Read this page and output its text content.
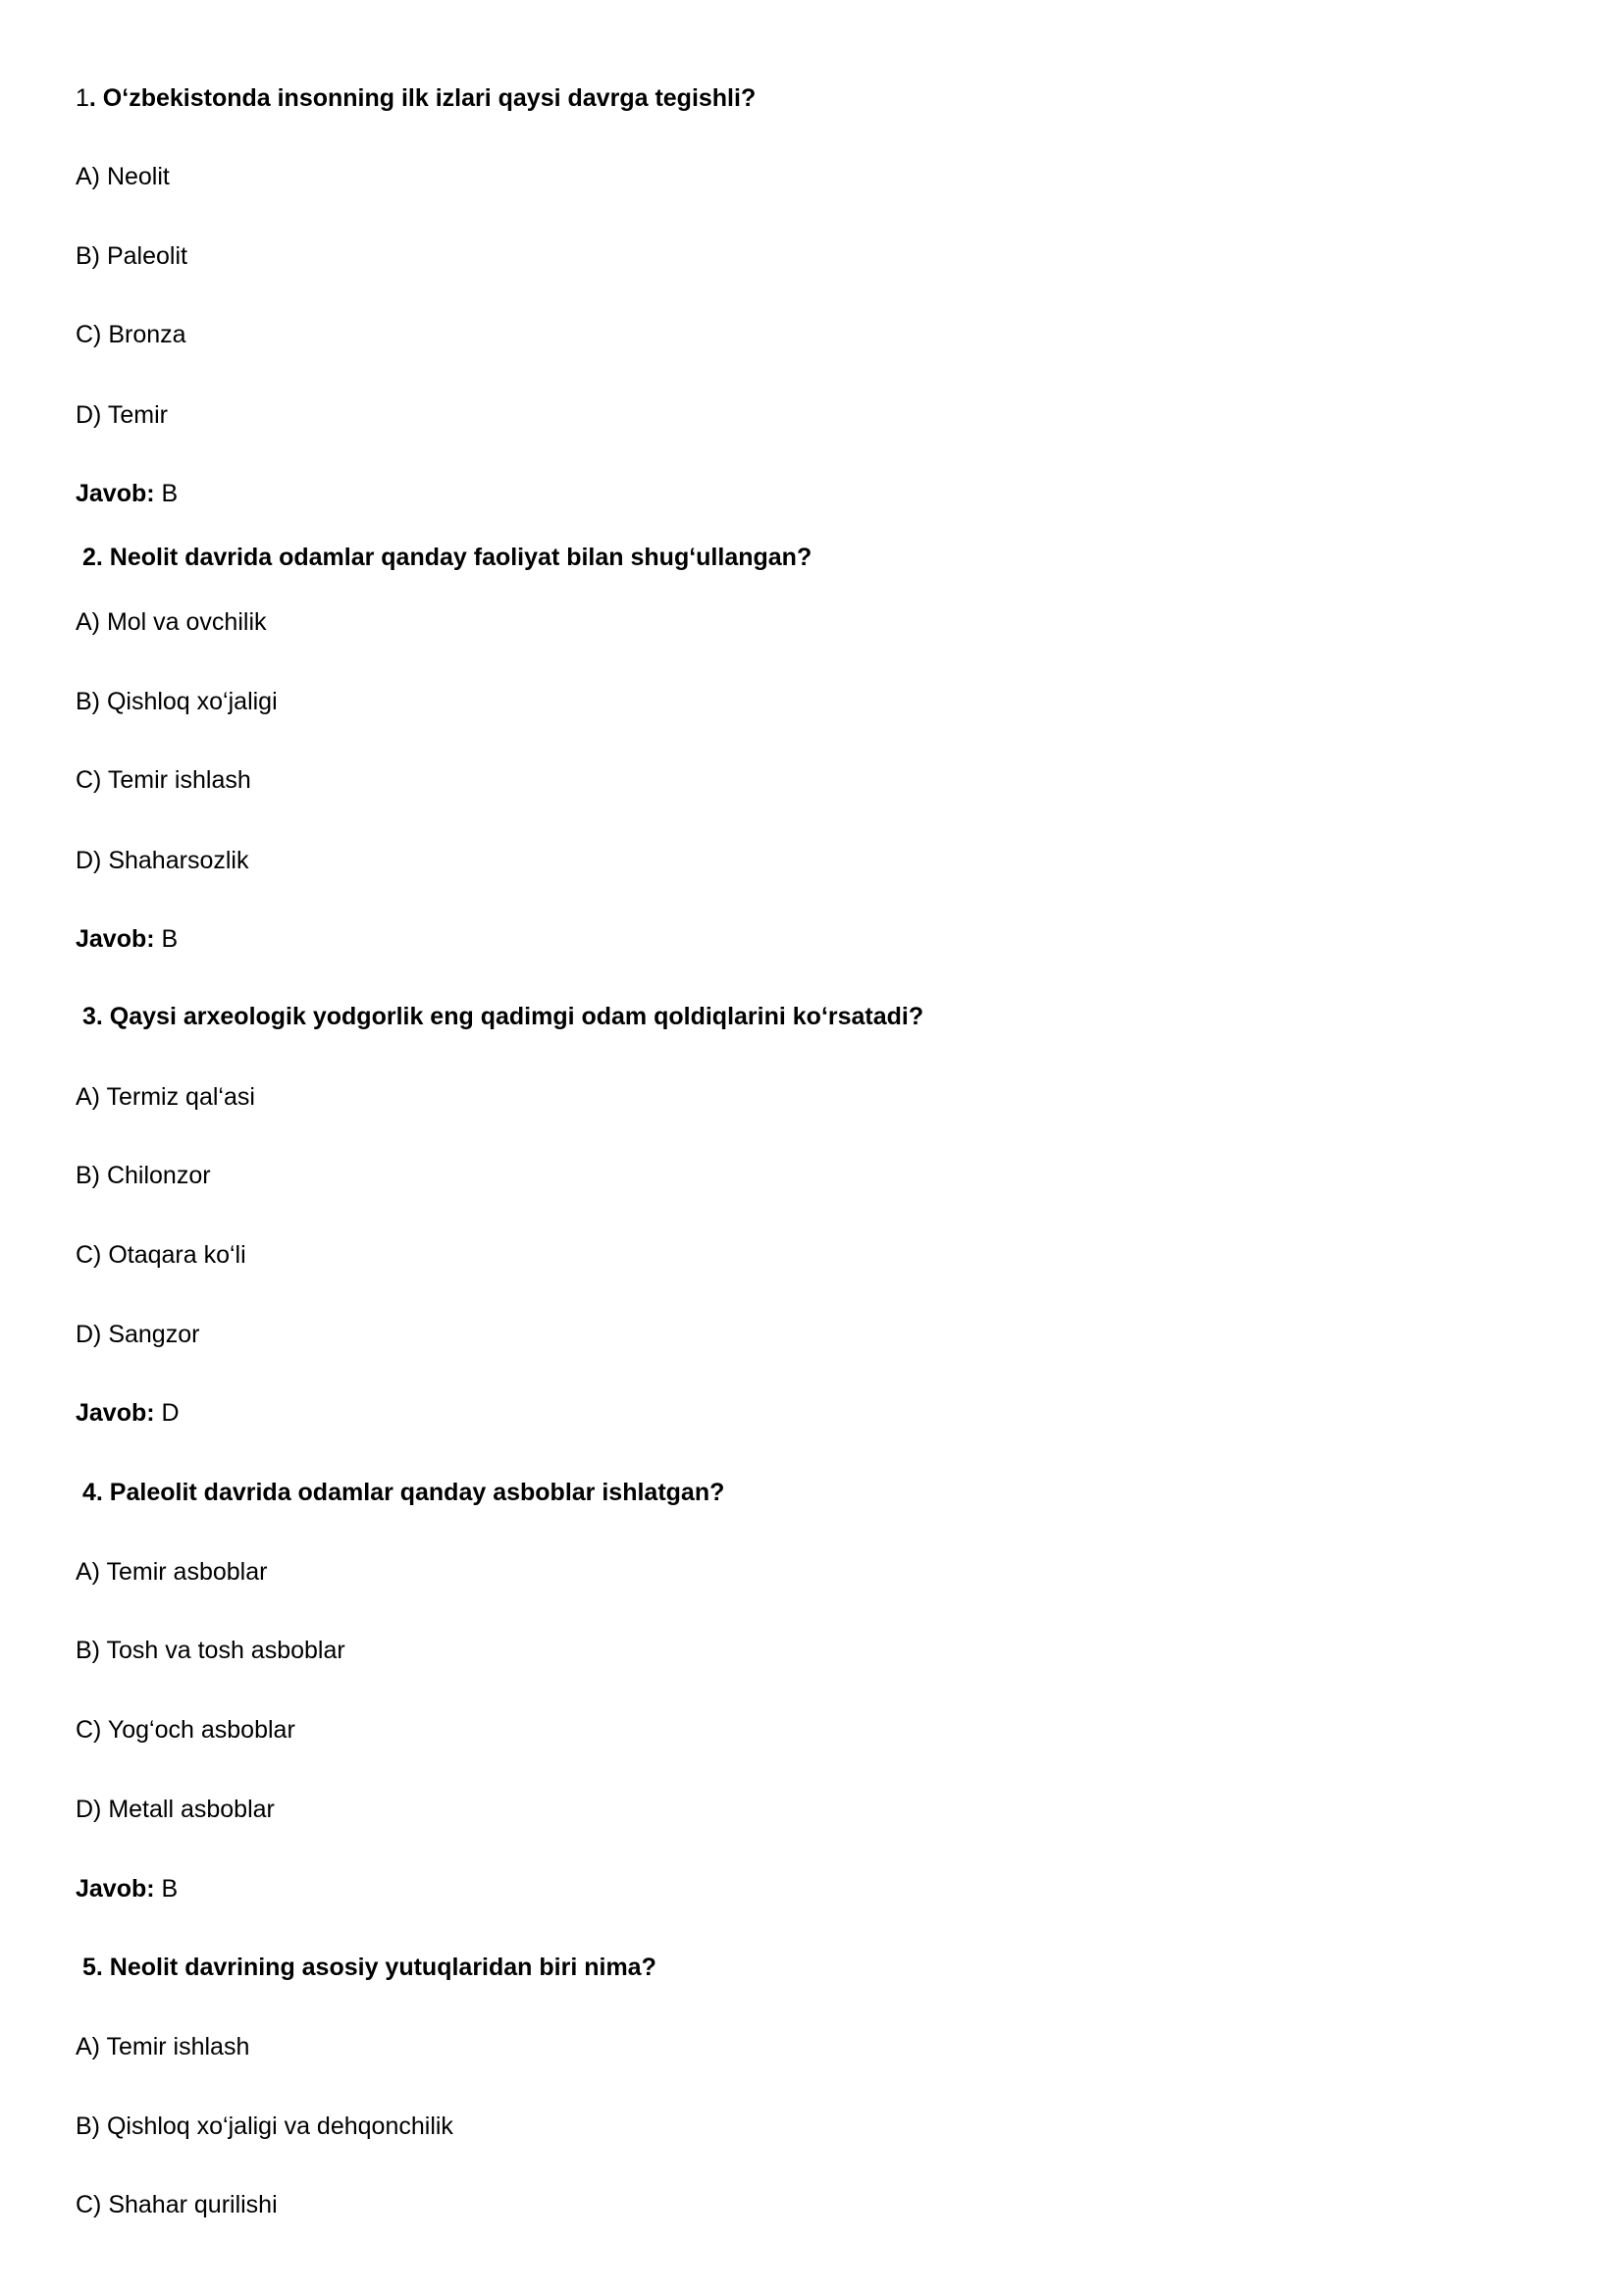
1. O‘zbekistonda insonning ilk izlari qaysi davrga tegishli?
A) Neolit
B) Paleolit
C) Bronza
D) Temir
Javob: B
2. Neolit davrida odamlar qanday faoliyat bilan shug‘ullangan?
A) Mol va ovchilik
B) Qishloq xo‘jaligi
C) Temir ishlash
D) Shaharsozlik
Javob: B
3. Qaysi arxeologik yodgorlik eng qadimgi odam qoldiqlarini ko‘rsatadi?
A) Termiz qal‘asi
B) Chilonzor
C) Otaqara ko‘li
D) Sangzor
Javob: D
4. Paleolit davrida odamlar qanday asboblar ishlatgan?
A) Temir asboblar
B) Tosh va tosh asboblar
C) Yog‘och asboblar
D) Metall asboblar
Javob: B
5. Neolit davrining asosiy yutuqlaridan biri nima?
A) Temir ishlash
B) Qishloq xo‘jaligi va dehqonchilik
C) Shahar qurilishi
